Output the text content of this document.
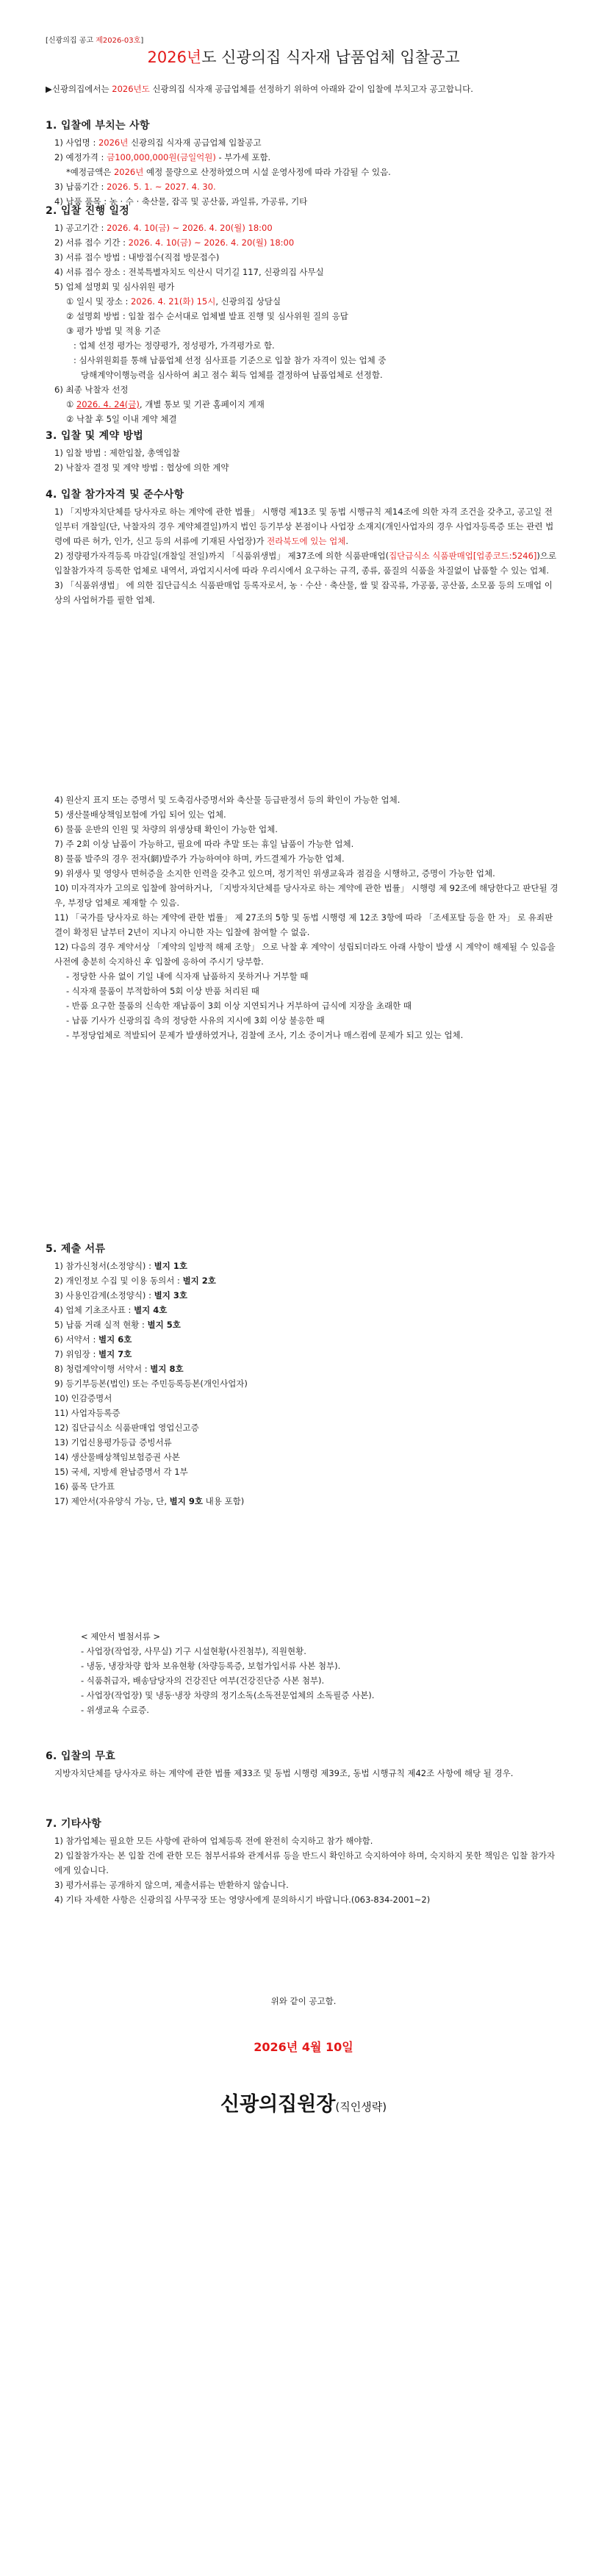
[신광의집 공고 제2026-03호]
2026년도 신광의집 식자재 납품업체 입찰공고
▶신광의집에서는 2026년도 신광의집 식자재 공급업체를 선정하기 위하여 아래와 같이 입찰에 부치고자 공고합니다.
1. 입찰에 부치는 사항
1) 사업명 : 2026년 신광의집 식자재 공급업체 입찰공고
2) 예정가격 : 금100,000,000원(금일억원) - 부가세 포함.
*예정금액은 2026년 예정 물량으로 산정하였으며 시설 운영사정에 따라 가감될 수 있음.
3) 납품기간 : 2026. 5. 1. ~ 2027. 4. 30.
4) 납품 품목 : 농 · 수 · 축산물, 잡곡 및 공산품, 과일류, 가공류, 기타
2. 입찰 진행 일정
1) 공고기간 : 2026. 4. 10(금) ~ 2026. 4. 20(월) 18:00
2) 서류 접수 기간 : 2026. 4. 10(금) ~ 2026. 4. 20(월) 18:00
3) 서류 접수 방법 : 내방접수(직접 방문접수)
4) 서류 접수 장소 : 전북특별자치도 익산시 덕기길 117, 신광의집 사무실
5) 업체 설명회 및 심사위원 평가
① 일시 및 장소 : 2026. 4. 21(화) 15시, 신광의집 상담실
② 설명회 방법 : 입찰 접수 순서대로 업체별 발표 진행 및 심사위원 질의 응답
③ 평가 방법 및 적용 기준
: 업체 선정 평가는 정량평가, 정성평가, 가격평가로 함.
: 심사위원회를 통해 납품업체 선정 심사표를 기준으로 입찰 참가 자격이 있는 업체 중
당해계약이행능력을 심사하여 최고 점수 획득 업체를 결정하여 납품업체로 선정함.
6) 최종 낙찰자 선정
① 2026. 4. 24(금), 개별 통보 및 기관 홈페이지 게재
② 낙찰 후 5일 이내 계약 체결
3. 입찰 및 계약 방법
1) 입찰 방법 : 제한입찰, 총액입찰
2) 낙찰자 결정 및 계약 방법 : 협상에 의한 계약
4. 입찰 참가자격 및 준수사항
1) 「지방자치단체를 당사자로 하는 계약에 관한 법률」 시행령 제13조 및 동법 시행규칙 제14조에 의한 자격 조건을 갖추고, 공고일 전일부터 개찰일(단, 낙찰자의 경우 계약체결일)까지 법인 등기부상 본점이나 사업장 소재지(개인사업자의 경우 사업자등록증 또는 관련 법령에 따른 허가, 인가, 신고 등의 서류에 기재된 사업장)가 전라북도에 있는 업체.
2) 정량평가자격등록 마감일(개찰일 전일)까지 「식품위생법」 제37조에 의한 식품판매업(집단급식소 식품판매업[업종코드:5246])으로 입찰참가자격 등록한 업체로 내역서, 과업지시서에 따라 우리시에서 요구하는 규격, 종류, 품질의 식품을 차질없이 납품할 수 있는 업체.
3) 「식품위생법」 에 의한 집단급식소 식품판매업 등록자로서, 농 · 수산 · 축산물, 쌀 및 잡곡류, 가공품, 공산품, 소모품 등의 도매업 이상의 사업허가를 필한 업체.
4) 원산지 표지 또는 증명서 및 도축검사증명서와 축산물 등급판정서 등의 확인이 가능한 업체.
5) 생산물배상책임보험에 가입 되어 있는 업체.
6) 물품 운반의 인원 및 차량의 위생상태 확인이 가능한 업체.
7) 주 2회 이상 납품이 가능하고, 필요에 따라 추말 또는 휴일 납품이 가능한 업체.
8) 물품 발주의 경우 전자(網)발주가 가능하여야 하며, 카드결제가 가능한 업체.
9) 위생사 및 영양사 면허증을 소지한 인력을 갖추고 있으며, 정기적인 위생교육과 점검을 시행하고, 증명이 가능한 업체.
10) 미자격자가 고의로 입찰에 참여하거나, 「지방자치단체를 당사자로 하는 계약에 관한 법률」 시행령 제 92조에 해당한다고 판단될 경우, 부정당 업체로 제재할 수 있음.
11) 「국가를 당사자로 하는 계약에 관한 법률」 제 27조의 5항 및 동법 시행령 제 12조 3항에 따라 「조세포탈 등을 한 자」 로 유죄판결이 확정된 날부터 2년이 지나지 아니한 자는 입찰에 참여할 수 없음.
12) 다음의 경우 계약서상 「계약의 일방적 해제 조항」 으로 낙찰 후 계약이 성립되더라도 아래 사항이 발생 시 계약이 해제될 수 있음을 사전에 충분히 숙지하신 후 입찰에 응하여 주시기 당부함.
- 정당한 사유 없이 기일 내에 식자재 납품하지 못하거나 거부할 때
- 식자재 물품이 부적합하여 5회 이상 반품 처리된 때
- 반품 요구한 물품의 신속한 재납품이 3회 이상 지연되거나 거부하여 급식에 지장을 초래한 때
- 납품 기사가 신광의집 측의 정당한 사유의 지시에 3회 이상 불응한 때
- 부정당업체로 적발되어 문제가 발생하였거나, 검찰에 조사, 기소 중이거나 매스컴에 문제가 되고 있는 업체.
5. 제출 서류
1) 참가신청서(소정양식) : 별지 1호
2) 개인정보 수집 및 이용 동의서 : 별지 2호
3) 사용인감계(소정양식) : 별지 3호
4) 업체 기초조사표 : 별지 4호
5) 납품 거래 실적 현황 : 별지 5호
6) 서약서 : 별지 6호
7) 위임장 : 별지 7호
8) 청렴계약이행 서약서 : 별지 8호
9) 등기부등본(법인) 또는 주민등록등본(개인사업자)
10) 인감증명서
11) 사업자등록증
12) 집단급식소 식품판매업 영업신고증
13) 기업신용평가등급 증빙서류
14) 생산물배상책임보험증권 사본
15) 국세, 지방세 완납증명서 각 1부
16) 품목 단가표
17) 제안서(자유양식 가능, 단, 별지 9호 내용 포함)
< 제안서 별첨서류 >
- 사업장(작업장, 사무실) 기구 시설현황(사진첨부), 직원현황.
- 냉동, 냉장차량 합차 보유현황 (차량등록증, 보험가입서류 사본 첨부).
- 식품취급자, 배송담당자의 건강진단 여부(건강진단증 사본 첨부).
- 사업장(작업장) 및 냉동·냉장 차량의 정기소독(소독전문업체의 소독필증 사본).
- 위생교육 수료증.
6. 입찰의 무효
지방자치단체를 당사자로 하는 계약에 관한 법률 제33조 및 동법 시행령 제39조, 동법 시행규칙 제42조 사항에 해당 될 경우.
7. 기타사항
1) 참가업체는 필요한 모든 사항에 관하여 업체등록 전에 완전히 숙지하고 참가 해야함.
2) 입찰참가자는 본 입찰 건에 관한 모든 첨부서류와 관계서류 등을 반드시 확인하고 숙지하여야 하며, 숙지하지 못한 책임은 입찰 참가자에게 있습니다.
3) 평가서류는 공개하지 않으며, 제출서류는 반환하지 않습니다.
4) 기타 자세한 사항은 신광의집 사무국장 또는 영양사에게 문의하시기 바랍니다.(063-834-2001~2)
위와 같이 공고함.
2026년 4월 10일
신광의집원장(직인생략)
